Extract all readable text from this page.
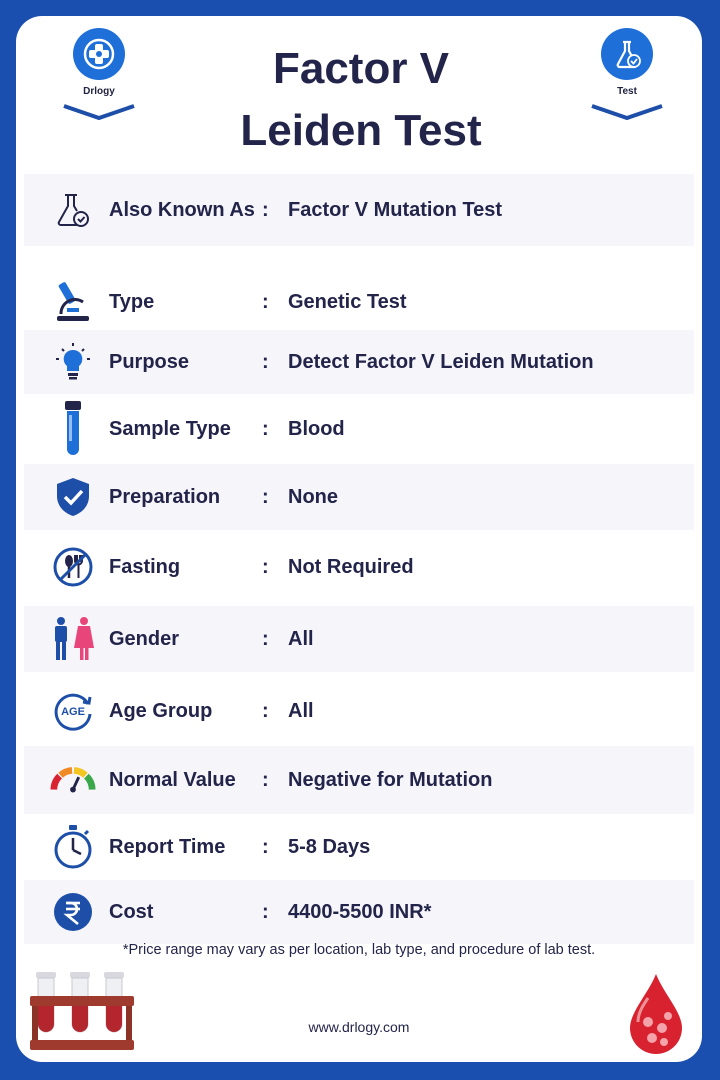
Drlogy	Test
Factor V
Leiden Test
Also Known As : Factor V Mutation Test
Type	: Genetic Test
Purpose	: Detect Factor V Leiden Mutation
Sample Type : Blood
Preparation : None
Fasting	: Not Required
Gender	: All
AGE Age Group : All
Normal Value : Negative for Mutation
Report Time : 5-8 Days
Cost	: 4400-5500 INR*
*Price range may vary as per location, lab type, and procedure of lab test.
www.drlogy.com
